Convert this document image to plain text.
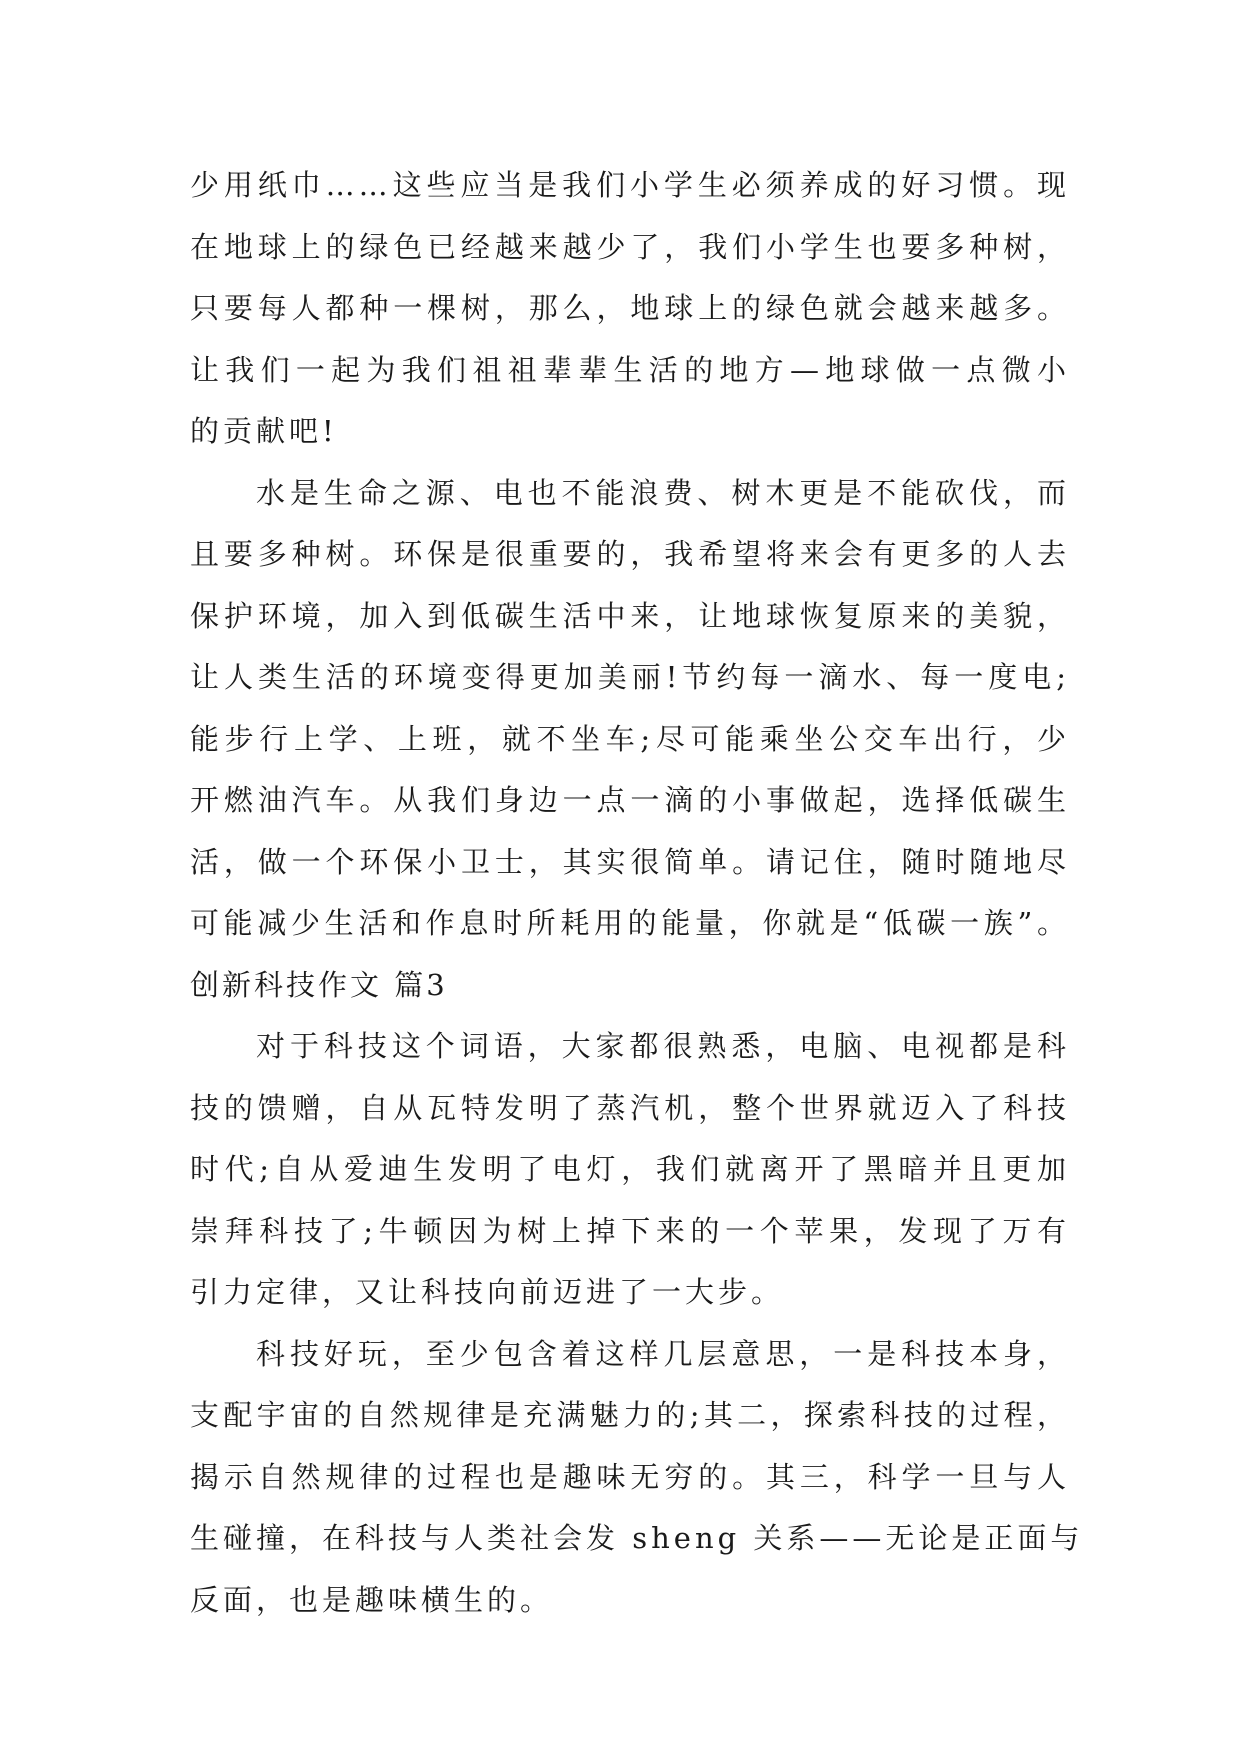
少用纸巾……这些应当是我们小学生必须养成的好习惯。现
在地球上的绿色已经越来越少了，我们小学生也要多种树，
只要每人都种一棵树，那么，地球上的绿色就会越来越多。
让我们一起为我们祖祖辈辈生活的地方—地球做一点微小
的贡献吧!
水是生命之源、电也不能浪费、树木更是不能砍伐，而
且要多种树。环保是很重要的，我希望将来会有更多的人去
保护环境，加入到低碳生活中来，让地球恢复原来的美貌，
让人类生活的环境变得更加美丽!节约每一滴水、每一度电;
能步行上学、上班，就不坐车;尽可能乘坐公交车出行，少
开燃油汽车。从我们身边一点一滴的小事做起，选择低碳生
活，做一个环保小卫士，其实很简单。请记住，随时随地尽
可能减少生活和作息时所耗用的能量，你就是“低碳一族”。
创新科技作文 篇3
对于科技这个词语，大家都很熟悉，电脑、电视都是科
技的馈赠，自从瓦特发明了蒸汽机，整个世界就迈入了科技
时代;自从爱迪生发明了电灯，我们就离开了黑暗并且更加
崇拜科技了;牛顿因为树上掉下来的一个苹果，发现了万有
引力定律，又让科技向前迈进了一大步。
科技好玩，至少包含着这样几层意思，一是科技本身，
支配宇宙的自然规律是充满魅力的;其二，探索科技的过程，
揭示自然规律的过程也是趣味无穷的。其三，科学一旦与人
生碰撞，在科技与人类社会发 sheng 关系——无论是正面与
反面，也是趣味横生的。
